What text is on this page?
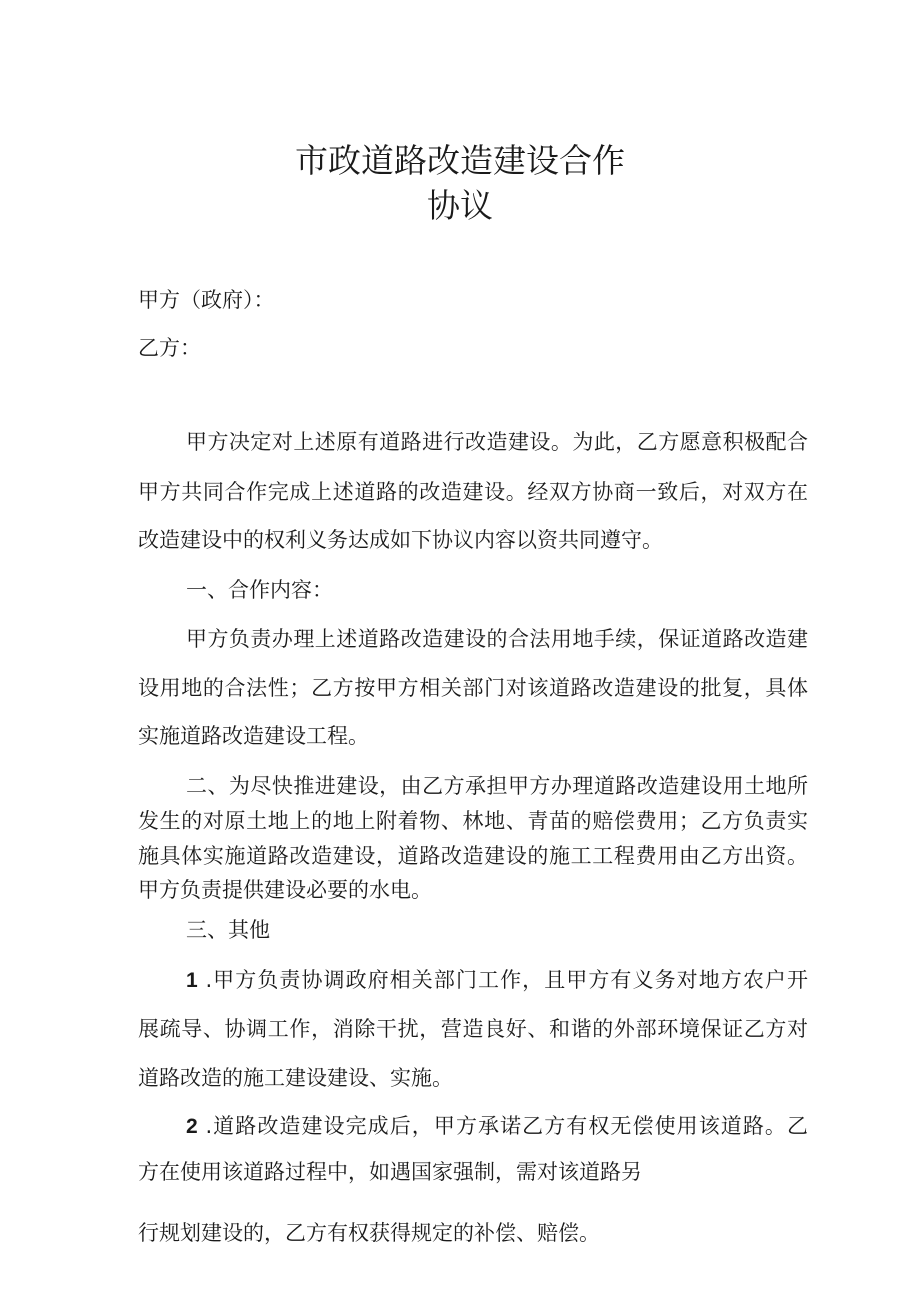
市政道路改造建设合作
协议
甲方（政府）：
乙方：
甲方决定对上述原有道路进行改造建设。为此，乙方愿意积极配合
甲方共同合作完成上述道路的改造建设。经双方协商一致后，对双方在
改造建设中的权利义务达成如下协议内容以资共同遵守。
一、合作内容：
甲方负责办理上述道路改造建设的合法用地手续，保证道路改造建
设用地的合法性；乙方按甲方相关部门对该道路改造建设的批复，具体
实施道路改造建设工程。
二、为尽快推进建设，由乙方承担甲方办理道路改造建设用土地所
发生的对原土地上的地上附着物、林地、青苗的赔偿费用；乙方负责实
施具体实施道路改造建设，道路改造建设的施工工程费用由乙方出资。
甲方负责提供建设必要的水电。
三、其他
1 .甲方负责协调政府相关部门工作，且甲方有义务对地方农户开
展疏导、协调工作，消除干扰，营造良好、和谐的外部环境保证乙方对
道路改造的施工建设建设、实施。
2 .道路改造建设完成后，甲方承诺乙方有权无偿使用该道路。乙
方在使用该道路过程中，如遇国家强制，需对该道路另
行规划建设的，乙方有权获得规定的补偿、赔偿。
